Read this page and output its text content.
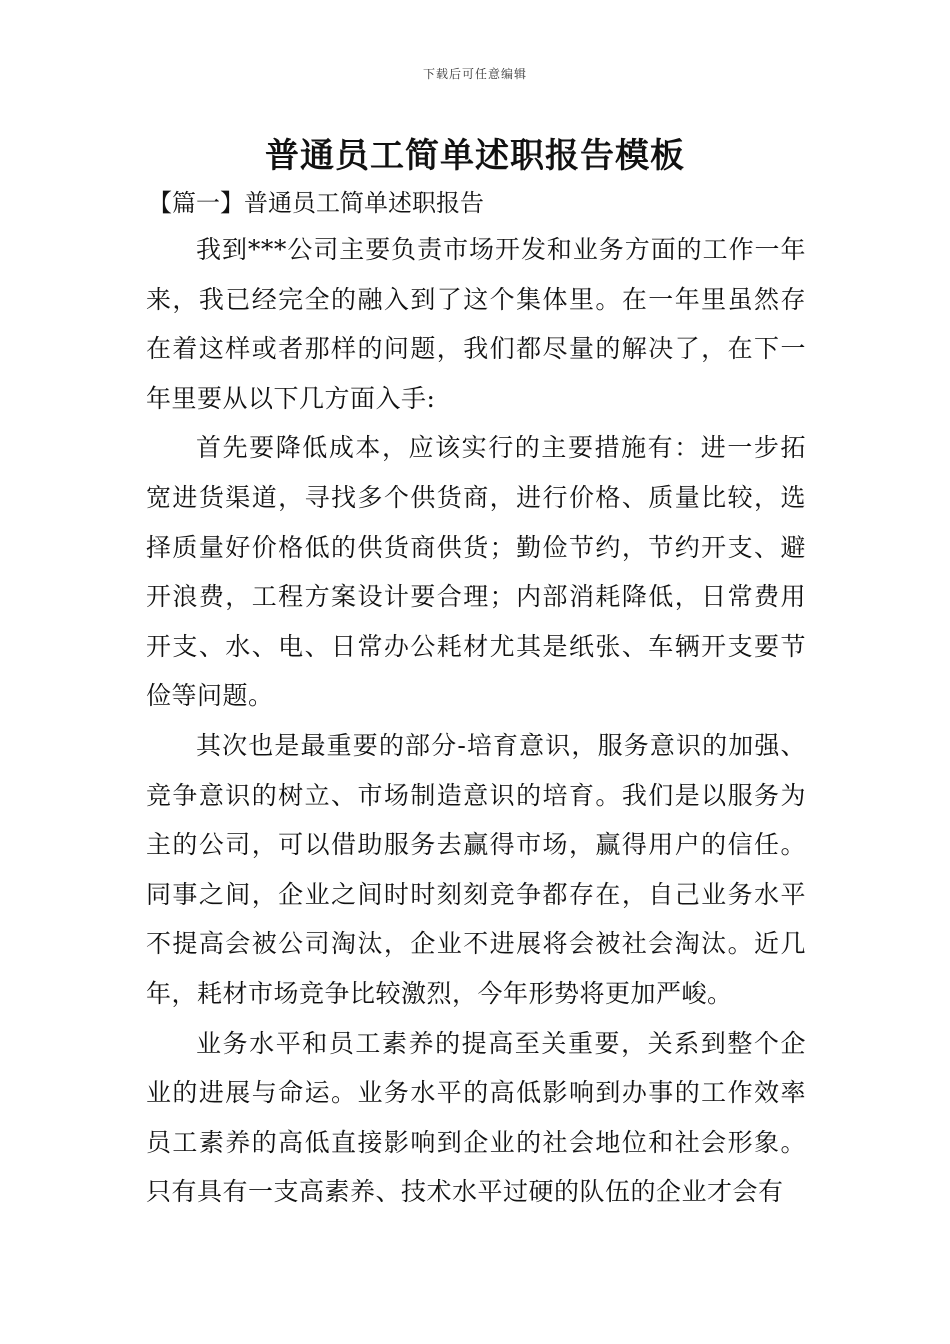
下载后可任意编辑
普通员工简单述职报告模板
【篇一】普通员工简单述职报告

我到***公司主要负责市场开发和业务方面的工作一年来，我已经完全的融入到了这个集体里。在一年里虽然存在着这样或者那样的问题，我们都尽量的解决了，在下一年里要从以下几方面入手:

首先要降低成本，应该实行的主要措施有：进一步拓宽进货渠道，寻找多个供货商，进行价格、质量比较，选择质量好价格低的供货商供货；勤俭节约，节约开支、避开浪费，工程方案设计要合理；内部消耗降低，日常费用开支、水、电、日常办公耗材尤其是纸张、车辆开支要节俭等问题。

其次也是最重要的部分-培育意识，服务意识的加强、竞争意识的树立、市场制造意识的培育。我们是以服务为主的公司，可以借助服务去赢得市场，赢得用户的信任。同事之间，企业之间时时刻刻竞争都存在，自己业务水平不提高会被公司淘汰，企业不进展将会被社会淘汰。近几年，耗材市场竞争比较激烈，今年形势将更加严峻。

业务水平和员工素养的提高至关重要，关系到整个企业的进展与命运。业务水平的高低影响到办事的工作效率员工素养的高低直接影响到企业的社会地位和社会形象。只有具有一支高素养、技术水平过硬的队伍的企业才会有
